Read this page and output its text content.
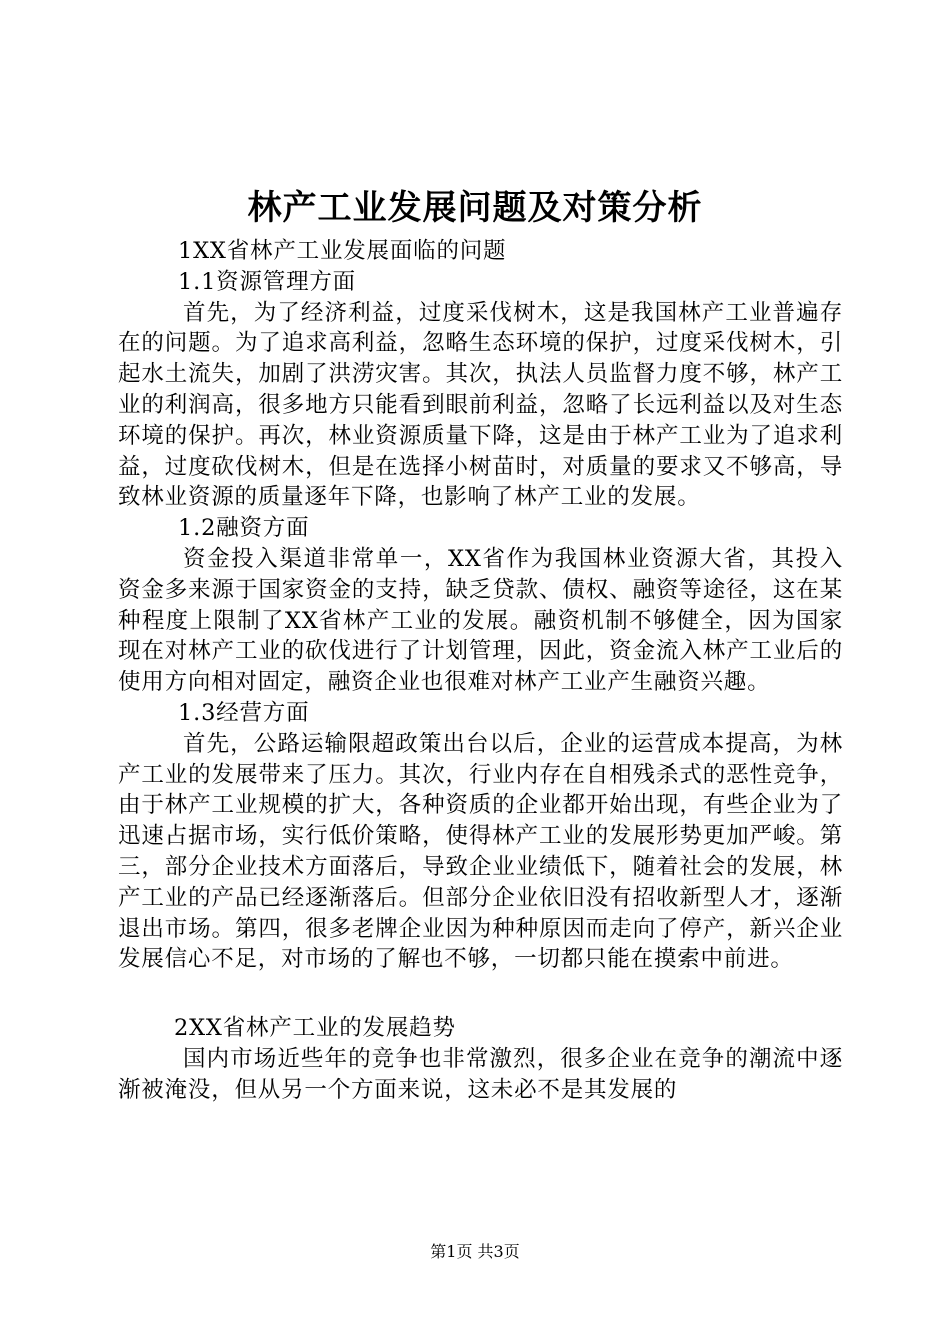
林产工业发展问题及对策分析

1XX省林产工业发展面临的问题

1.1资源管理方面

首先，为了经济利益，过度采伐树木，这是我国林产工业普遍存在的问题。为了追求高利益，忽略生态环境的保护，过度采伐树木，引起水土流失，加剧了洪涝灾害。其次，执法人员监督力度不够，林产工业的利润高，很多地方只能看到眼前利益，忽略了长远利益以及对生态环境的保护。再次，林业资源质量下降，这是由于林产工业为了追求利益，过度砍伐树木，但是在选择小树苗时，对质量的要求又不够高，导致林业资源的质量逐年下降，也影响了林产工业的发展。

1.2融资方面

资金投入渠道非常单一，XX省作为我国林业资源大省，其投入资金多来源于国家资金的支持，缺乏贷款、债权、融资等途径，这在某种程度上限制了XX省林产工业的发展。融资机制不够健全，因为国家现在对林产工业的砍伐进行了计划管理，因此，资金流入林产工业后的使用方向相对固定，融资企业也很难对林产工业产生融资兴趣。

1.3经营方面

首先，公路运输限超政策出台以后，企业的运营成本提高，为林产工业的发展带来了压力。其次，行业内存在自相残杀式的恶性竞争，由于林产工业规模的扩大，各种资质的企业都开始出现，有些企业为了迅速占据市场，实行低价策略，使得林产工业的发展形势更加严峻。第三，部分企业技术方面落后，导致企业业绩低下，随着社会的发展，林产工业的产品已经逐渐落后。但部分企业依旧没有招收新型人才，逐渐退出市场。第四，很多老牌企业因为种种原因而走向了停产，新兴企业发展信心不足，对市场的了解也不够，一切都只能在摸索中前进。

2XX省林产工业的发展趋势

国内市场近些年的竞争也非常激烈，很多企业在竞争的潮流中逐渐被淹没，但从另一个方面来说，这未必不是其发展的

第1页 共3页
